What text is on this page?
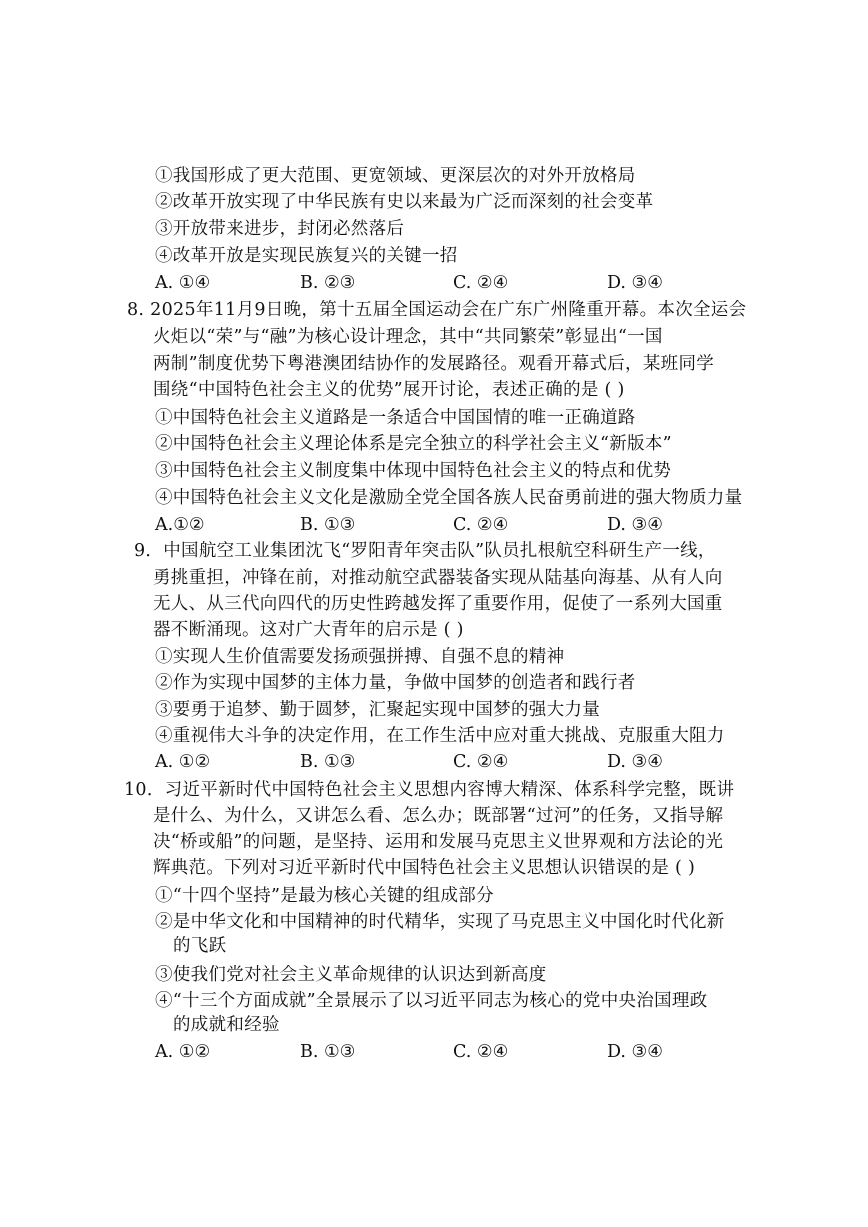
①我国形成了更大范围、更宽领域、更深层次的对外开放格局
②改革开放实现了中华民族有史以来最为广泛而深刻的社会变革
③开放带来进步，封闭必然落后
④改革开放是实现民族复兴的关键一招
A. ①④	B. ②③	C. ②④	D. ③④
8. 2025年11月9日晚，第十五届全国运动会在广东广州隆重开幕。本次全运会
火炬以“荣”与“融”为核心设计理念，其中“共同繁荣”彰显出“一国
两制”制度优势下粤港澳团结协作的发展路径。观看开幕式后，某班同学
围绕“中国特色社会主义的优势”展开讨论，表述正确的是 ( )
①中国特色社会主义道路是一条适合中国国情的唯一正确道路
②中国特色社会主义理论体系是完全独立的科学社会主义“新版本”
③中国特色社会主义制度集中体现中国特色社会主义的特点和优势
④中国特色社会主义文化是激励全党全国各族人民奋勇前进的强大物质力量
A.①②	B. ①③	C. ②④	D. ③④
9．中国航空工业集团沈飞“罗阳青年突击队”队员扎根航空科研生产一线，
勇挑重担，冲锋在前，对推动航空武器装备实现从陆基向海基、从有人向
无人、从三代向四代的历史性跨越发挥了重要作用，促使了一系列大国重
器不断涌现。这对广大青年的启示是 ( )
①实现人生价值需要发扬顽强拼搏、自强不息的精神
②作为实现中国梦的主体力量，争做中国梦的创造者和践行者
③要勇于追梦、勤于圆梦，汇聚起实现中国梦的强大力量
④重视伟大斗争的决定作用，在工作生活中应对重大挑战、克服重大阻力
A. ①②	B. ①③	C. ②④	D. ③④
10．习近平新时代中国特色社会主义思想内容博大精深、体系科学完整，既讲
是什么、为什么，又讲怎么看、怎么办；既部署“过河”的任务，又指导解
决“桥或船”的问题，是坚持、运用和发展马克思主义世界观和方法论的光
辉典范。下列对习近平新时代中国特色社会主义思想认识错误的是 ( )
①“十四个坚持”是最为核心关键的组成部分
②是中华文化和中国精神的时代精华，实现了马克思主义中国化时代化新
的飞跃
③使我们党对社会主义革命规律的认识达到新高度
④“十三个方面成就”全景展示了以习近平同志为核心的党中央治国理政
的成就和经验
A. ①②	B. ①③	C. ②④	D. ③④
